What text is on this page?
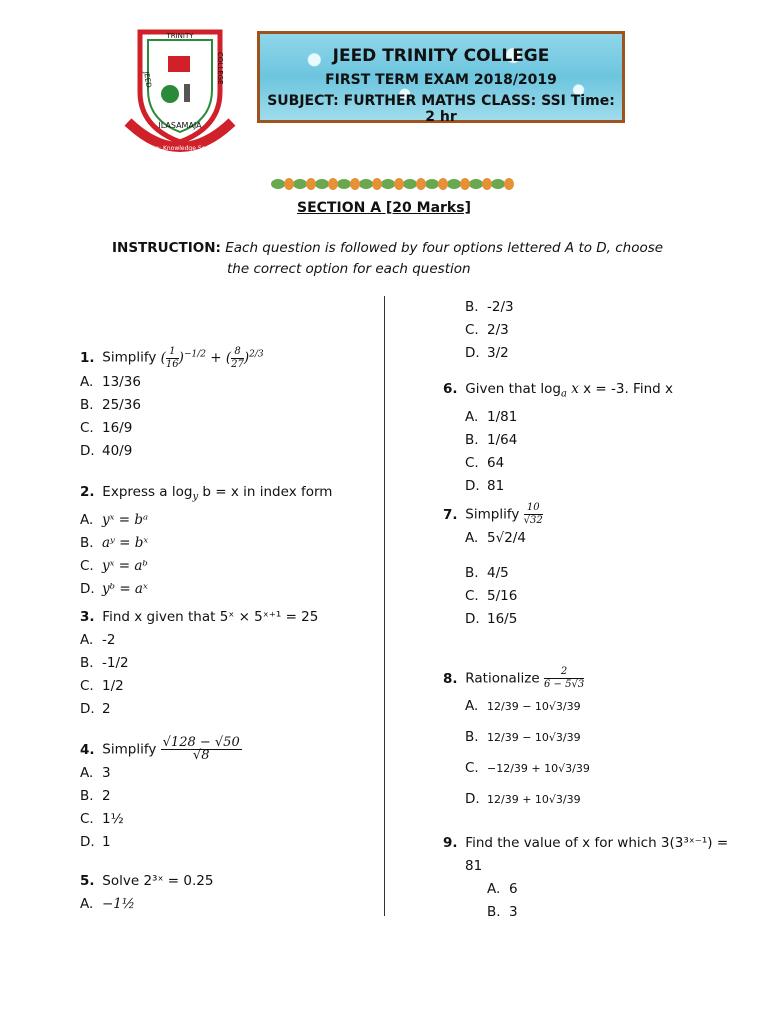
TRINITY
JEED	COLLEGE
ILASAMAJA
Motto: Knowledge Serves
JEED TRINITY COLLEGE
FIRST TERM EXAM 2018/2019
SUBJECT: FURTHER MATHS CLASS: SSI Time: 2 hr
SECTION A [20 Marks]
INSTRUCTION: Each question is followed by four options lettered A to D, choose
the correct option for each question
1. Simplify ( $\frac{1}{16} )^{-1/2}$ + ( $\frac{8}{27} )^{2/3}$
A. 13/36
B. 25/36
C. 16/9
D. 40/9
2. Express a $\log_y b = x$ in index form
A. yˣ = bᵃ
B. aʸ = bˣ
C. yˣ = aᵇ
D. yᵇ = aˣ
3. Find x given that 5ˣ × 5ˣ⁺¹ = 25
A. -2
B. -1/2
C. 1/2
D. 2
4. Simplify $\frac{√128 - √50}{√8}$
A. 3
B. 2
C. 1½
D. 1
5. Solve 2³ˣ = 0.25
A. −1½
B. -2/3
C. 2/3
D. 3/2
6. Given that $\log_a x$ x = -3. Find x
A. 1/81
B. 1/64
C. 64
D. 81
7. Simplify $\frac{10}{√32}$
A. 5√2/4
B. 4/5
C. 5/16
D. 16/5
8. Rationalize $\frac{2}{6 - 5√3}$
A. 12/39 − 10√3/39
B. 12/39 − 10√3/39
C. −12/39 + 10√3/39
D. 12/39 + 10√3/39
9. Find the value of x for which 3(3³ˣ⁻¹) =
81
A. 6
B. 3
